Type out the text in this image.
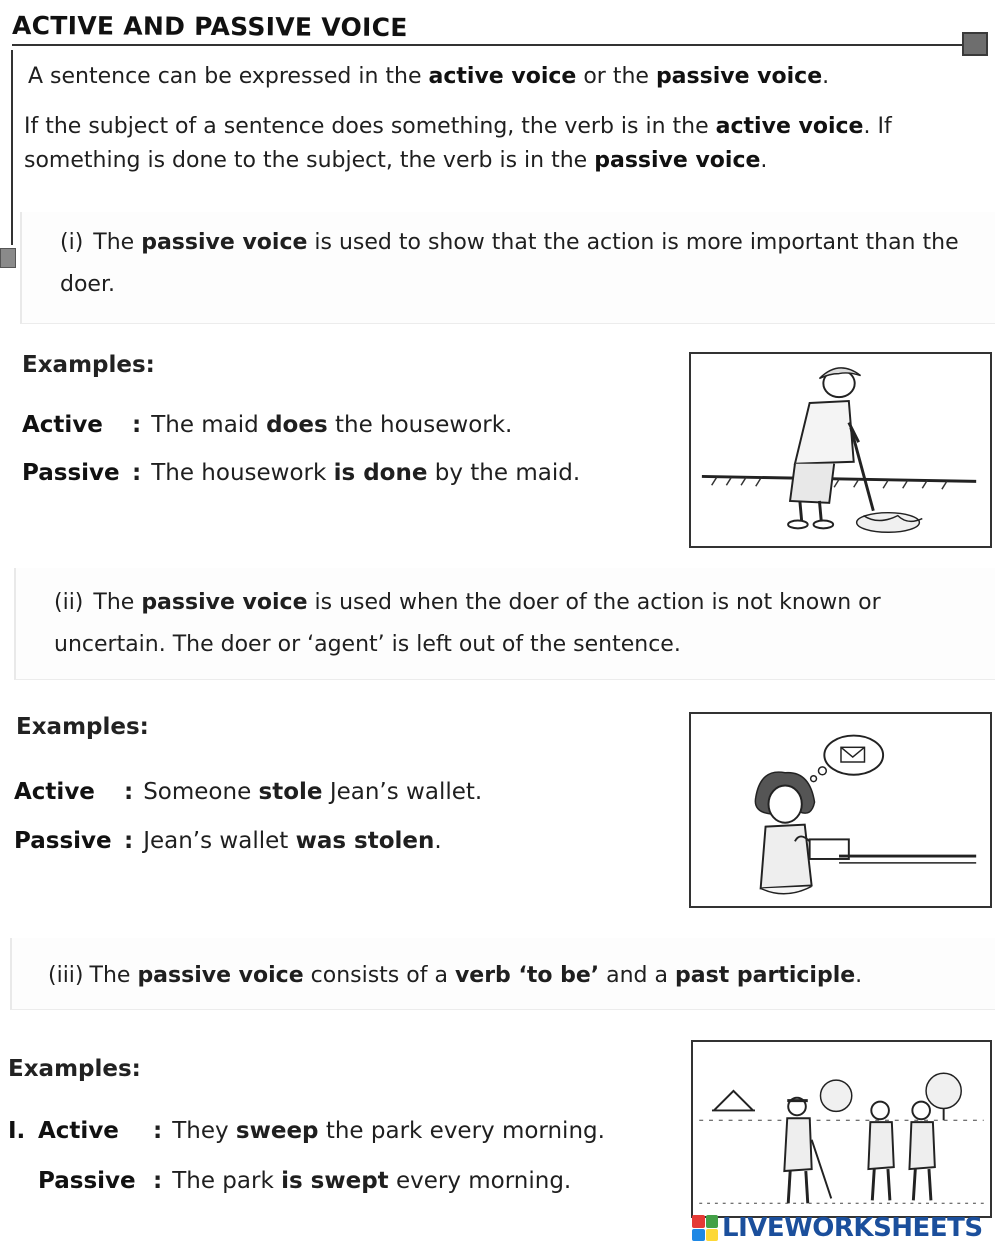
ACTIVE AND PASSIVE VOICE
A sentence can be expressed in the active voice or the passive voice.
If the subject of a sentence does something, the verb is in the active voice. If something is done to the subject, the verb is in the passive voice.
(i) The passive voice is used to show that the action is more important than the doer.
Examples:
Active : The maid does the housework.
Passive : The housework is done by the maid.
(ii) The passive voice is used when the doer of the action is not known or uncertain. The doer or ‘agent’ is left out of the sentence.
Examples:
Active : Someone stole Jean’s wallet.
Passive : Jean’s wallet was stolen.
(iii) The passive voice consists of a verb ‘to be’ and a past participle.
Examples:
I. Active : They sweep the park every morning.
Passive : The park is swept every morning.
LIVEWORKSHEETS
